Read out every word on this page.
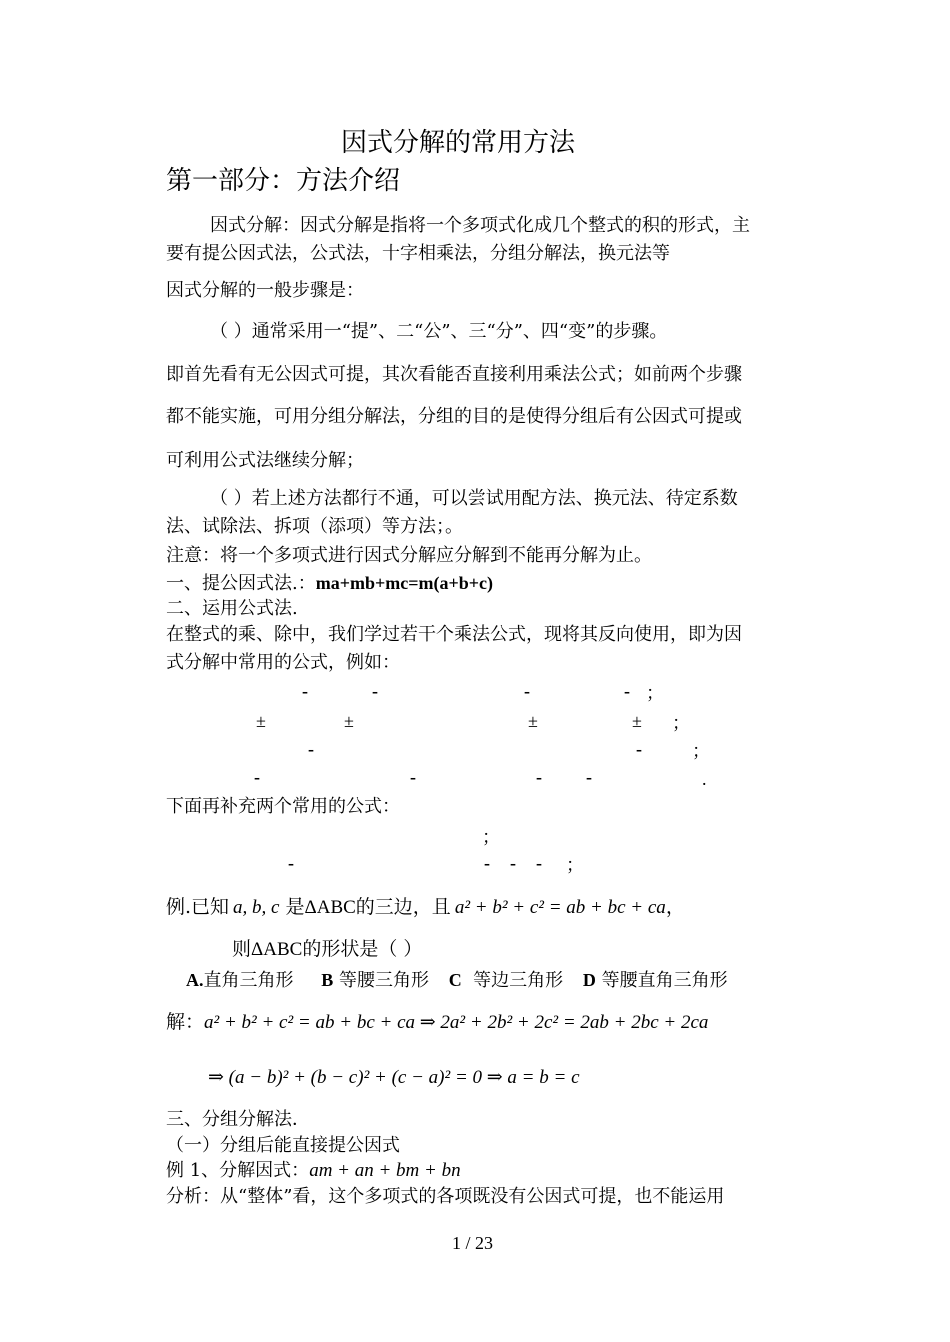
因式分解的常用方法
第一部分：方法介绍
因式分解：因式分解是指将一个多项式化成几个整式的积的形式，主
要有提公因式法，公式法，十字相乘法，分组分解法，换元法等
因式分解的一般步骤是：
（ ）通常采用一“提”、二“公”、三“分”、四“变”的步骤。
即首先看有无公因式可提，其次看能否直接利用乘法公式；如前两个步骤
都不能实施，可用分组分解法，分组的目的是使得分组后有公因式可提或
可利用公式法继续分解；
（ ）若上述方法都行不通，可以尝试用配方法、换元法、待定系数
法、试除法、拆项（添项）等方法；。
注意：将一个多项式进行因式分解应分解到不能再分解为止。
一、提公因式法.：ma+mb+mc=m(a+b+c)
二、运用公式法.
在整式的乘、除中，我们学过若干个乘法公式，现将其反向使用，即为因
式分解中常用的公式，例如：
-	-	-	- ；
±	±	±	± ；
-	-	；
-	-	- -	.
下面再补充两个常用的公式：
；
-	- - - ；
例.已知 a, b, c 是ΔABC的三边，且 a² + b² + c² = ab + bc + ca，
则ΔABC的形状是（ ）
A.直角三角形 B 等腰三角形 C 等边三角形 D 等腰直角三角形
解：a² + b² + c² = ab + bc + ca ⇒ 2a² + 2b² + 2c² = 2ab + 2bc + 2ca
⇒ (a − b)² + (b − c)² + (c − a)² = 0 ⇒ a = b = c
三、分组分解法．
（一）分组后能直接提公因式
例 1、分解因式：am + an + bm + bn
分析：从“整体”看，这个多项式的各项既没有公因式可提，也不能运用
1 / 23
